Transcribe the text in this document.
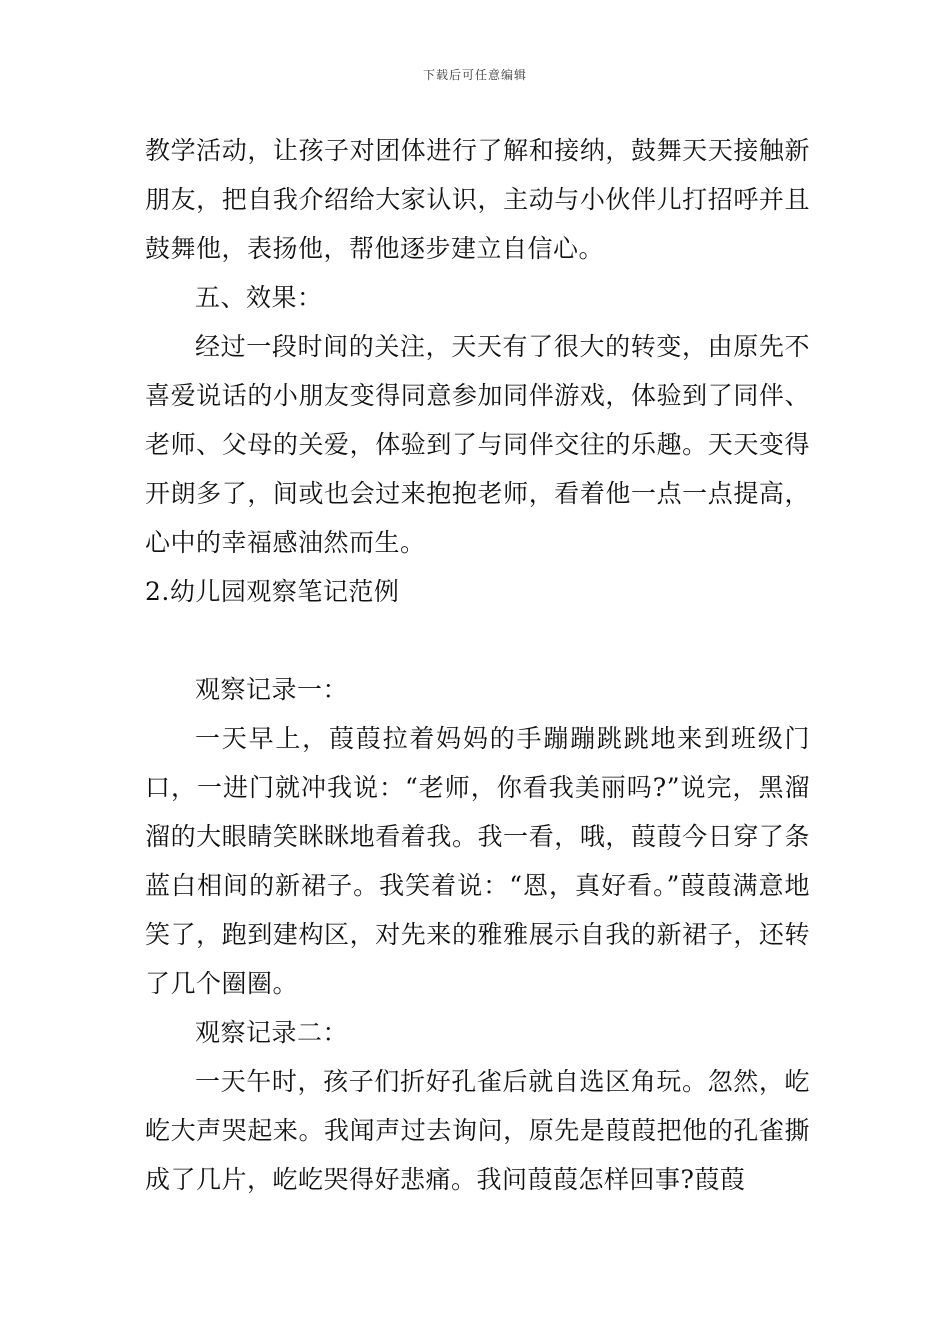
下载后可任意编辑

教学活动，让孩子对团体进行了解和接纳，鼓舞天天接触新朋友，把自我介绍给大家认识，主动与小伙伴儿打招呼并且鼓舞他，表扬他，帮他逐步建立自信心。

五、效果：

经过一段时间的关注，天天有了很大的转变，由原先不喜爱说话的小朋友变得同意参加同伴游戏，体验到了同伴、老师、父母的关爱，体验到了与同伴交往的乐趣。天天变得开朗多了，间或也会过来抱抱老师，看着他一点一点提高，心中的幸福感油然而生。

2.幼儿园观察笔记范例

观察记录一：

一天早上，葭葭拉着妈妈的手蹦蹦跳跳地来到班级门口，一进门就冲我说：“老师，你看我美丽吗?”说完，黑溜溜的大眼睛笑眯眯地看着我。我一看，哦，葭葭今日穿了条蓝白相间的新裙子。我笑着说：“恩，真好看。”葭葭满意地笑了，跑到建构区，对先来的雅雅展示自我的新裙子，还转了几个圈圈。

观察记录二：

一天午时，孩子们折好孔雀后就自选区角玩。忽然，屹屹大声哭起来。我闻声过去询问，原先是葭葭把他的孔雀撕成了几片，屹屹哭得好悲痛。我问葭葭怎样回事?葭葭
